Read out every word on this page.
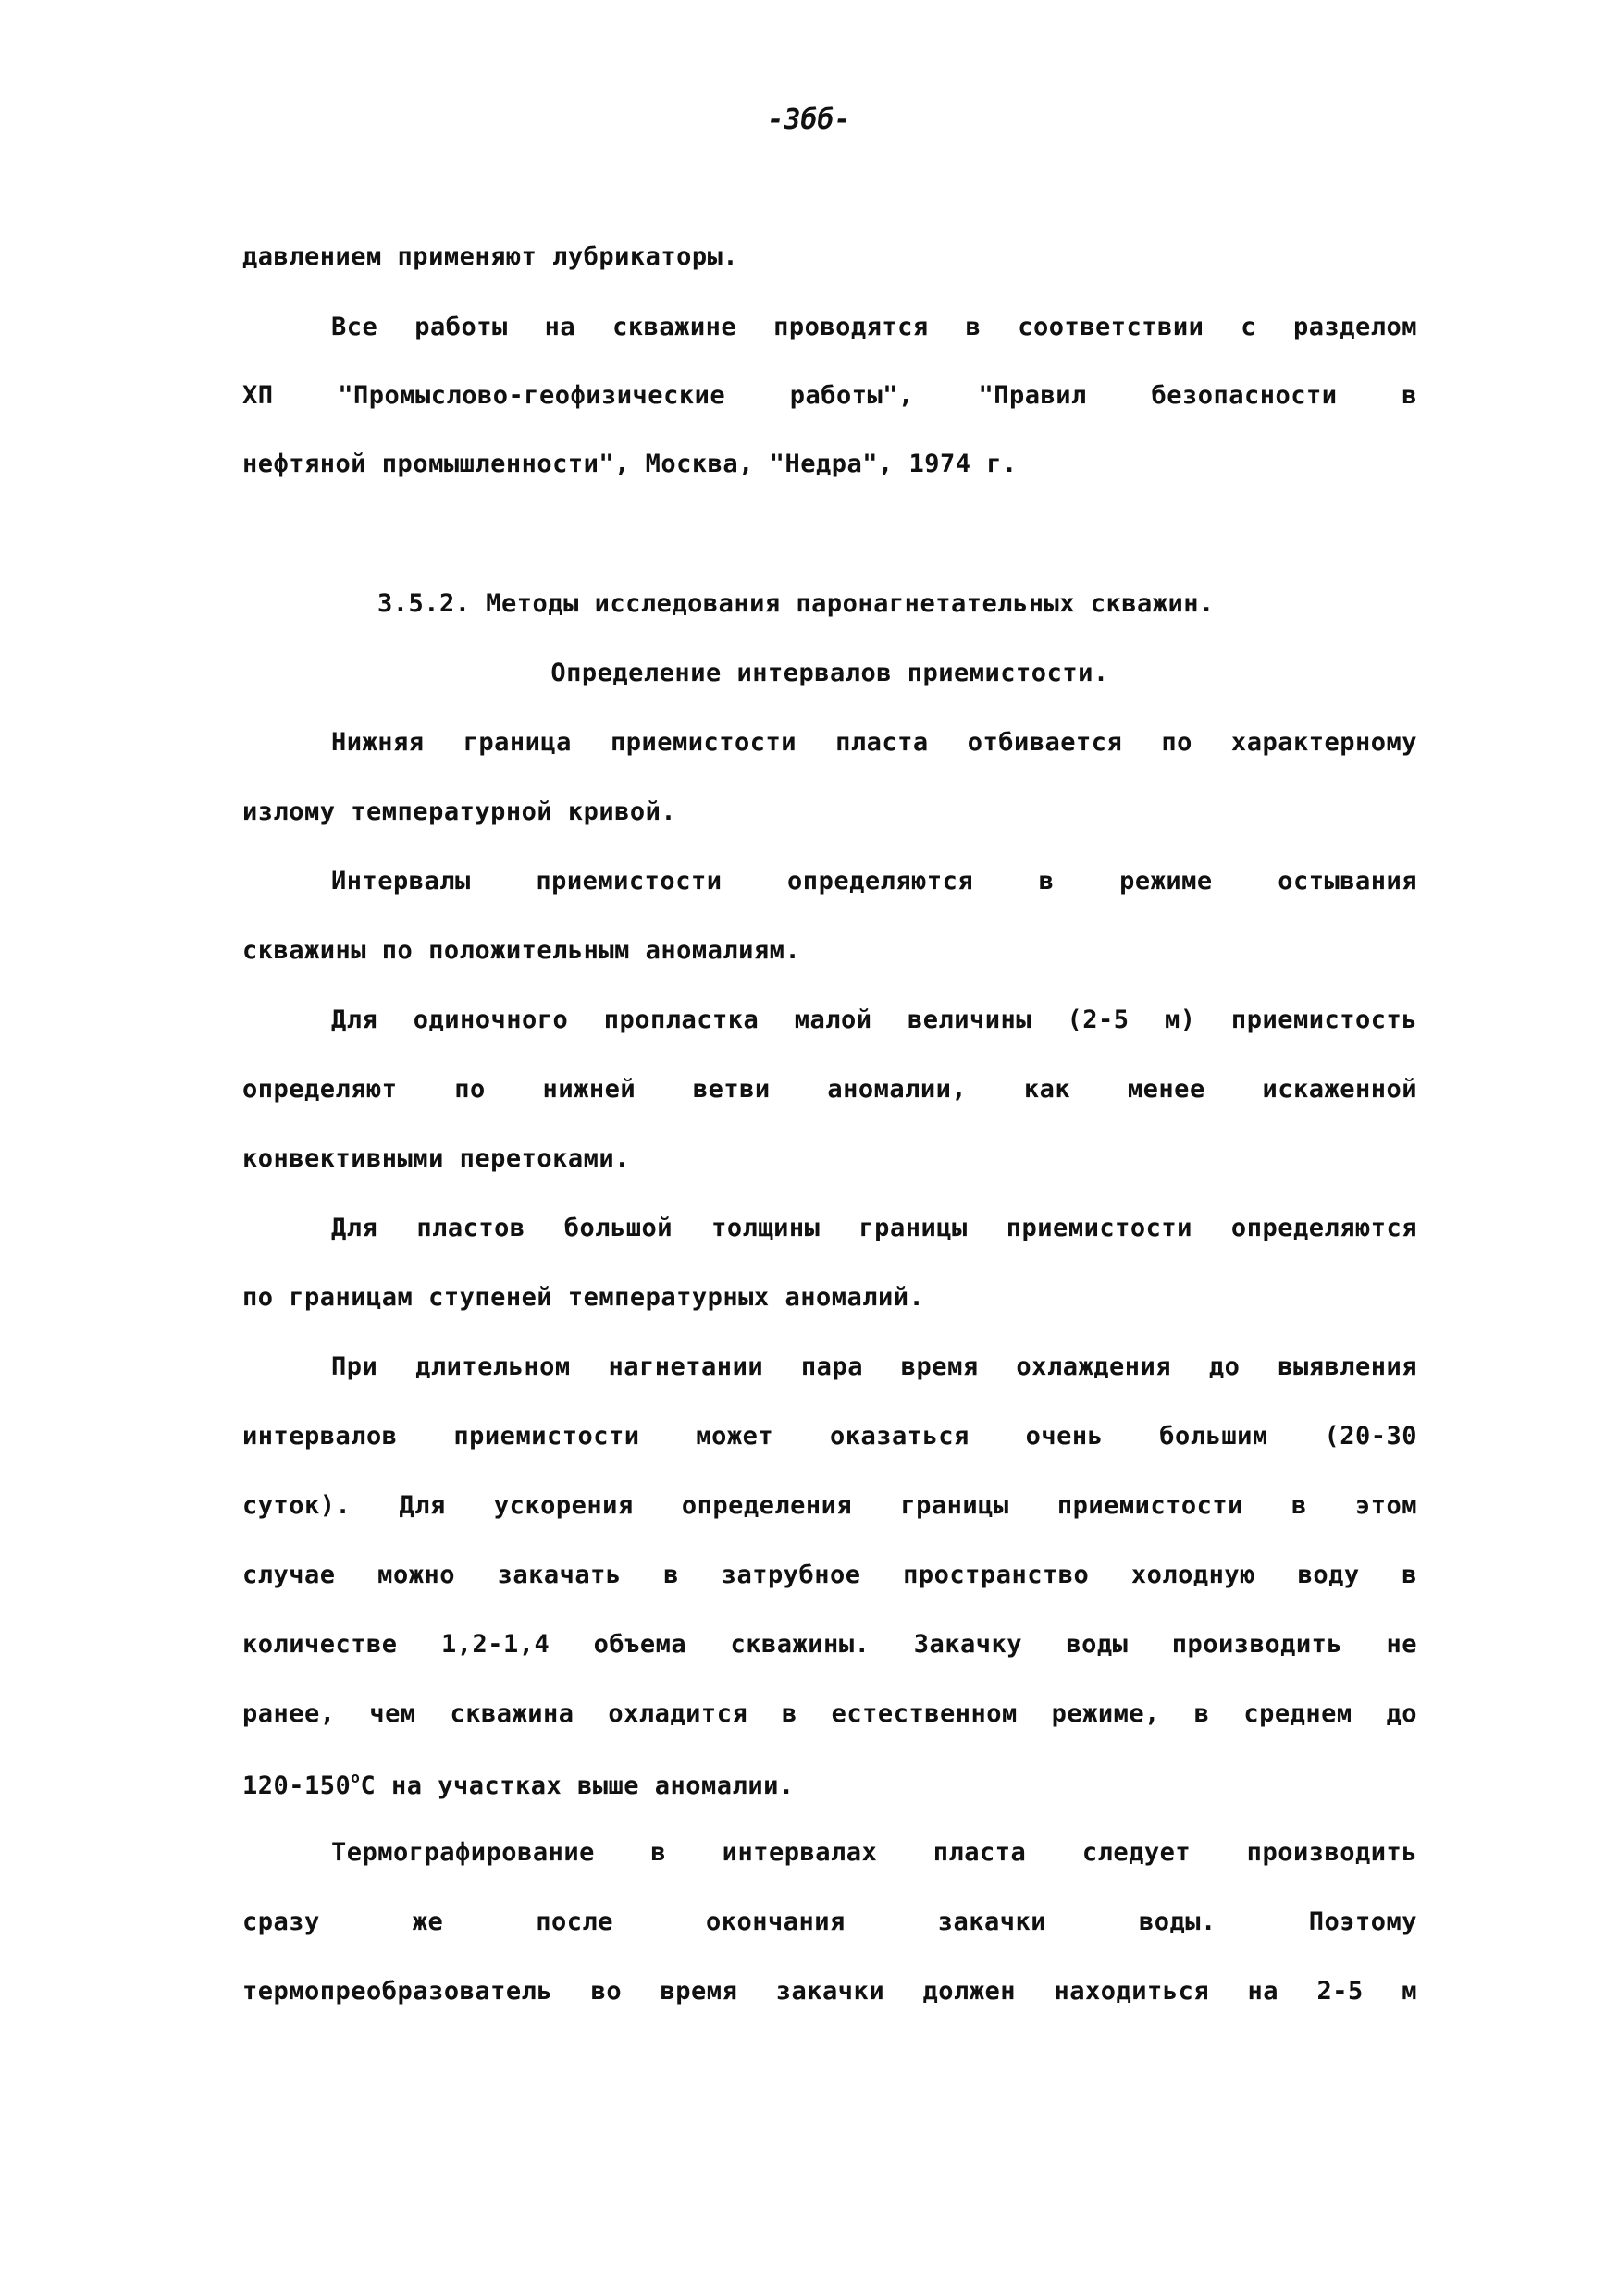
-3бб-
давлением применяют лубрикаторы.
Все работы на скважине проводятся в соответствии с разделом
ХП "Промыслово-геофизические работы", "Правил безопасности в
нефтяной промышленности", Москва, "Недра", 1974 г.
3.5.2. Методы исследования паронагнетательных скважин.
Определение интервалов приемистости.
Нижняя граница приемистости пласта отбивается по характерному
излому температурной кривой.
Интервалы приемистости определяются в режиме остывания
скважины по положительным аномалиям.
Для одиночного пропластка малой величины (2-5 м) приемистость
определяют по нижней ветви аномалии, как менее искаженной
конвективными перетоками.
Для пластов большой толщины границы приемистости определяются
по границам ступеней температурных аномалий.
При длительном нагнетании пара время охлаждения до выявления
интервалов приемистости может оказаться очень большим (20-30
суток). Для ускорения определения границы приемистости в этом
случае можно закачать в затрубное пространство холодную воду в
количестве 1,2-1,4 объема скважины. Закачку воды производить не
ранее, чем скважина охладится в естественном режиме, в среднем до
120-150$^o$С на участках выше аномалии.
Термографирование в интервалах пласта следует производить
сразу же после окончания закачки воды. Поэтому
термопреобразователь во время закачки должен находиться на 2-5 м
